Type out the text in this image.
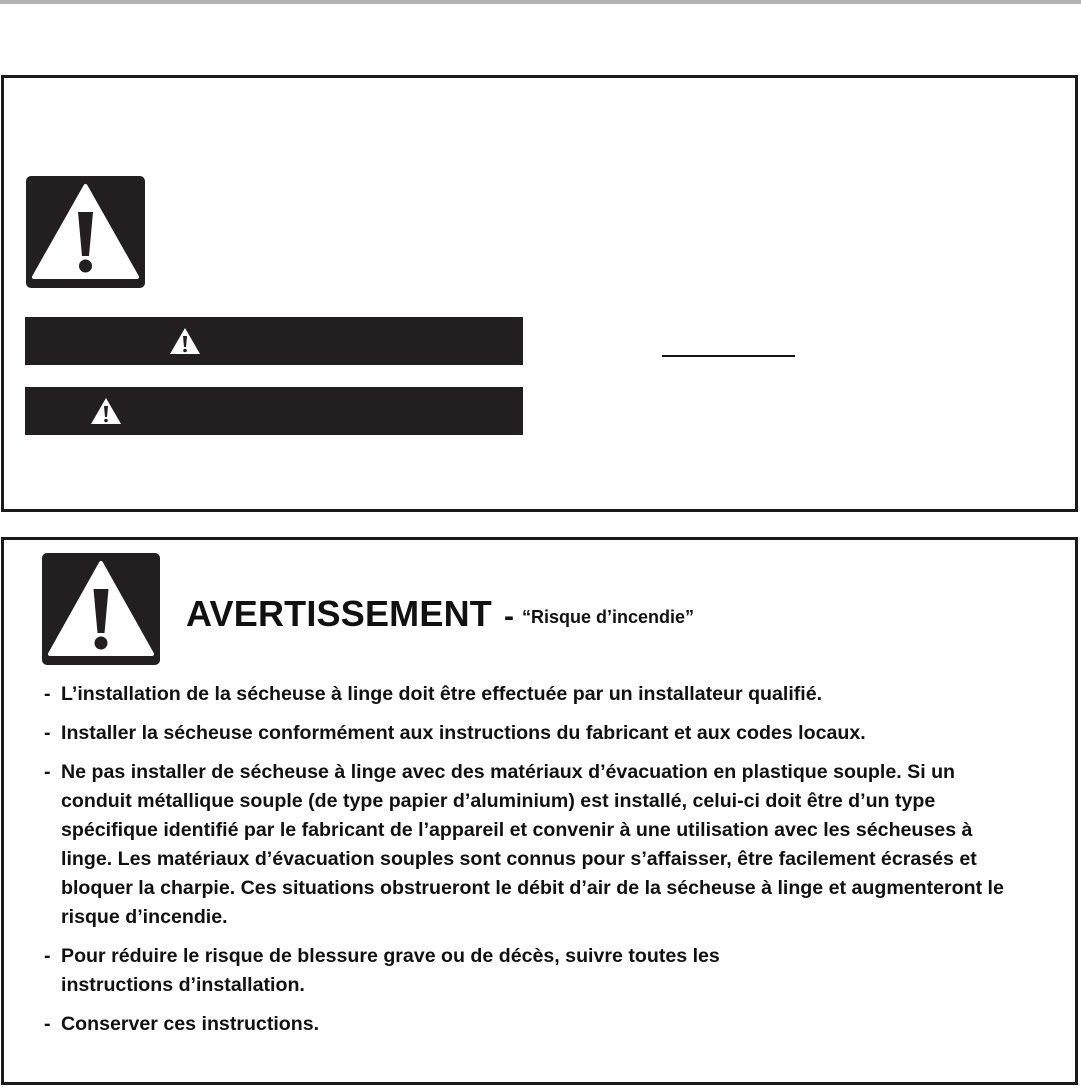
AVERTISSEMENT - “Risque d’incendie”
- L’installation de la sécheuse à linge doit être effectuée par un installateur qualifié.
- Installer la sécheuse conformément aux instructions du fabricant et aux codes locaux.
- Ne pas installer de sécheuse à linge avec des matériaux d’évacuation en plastique souple. Si un conduit métallique souple (de type papier d’aluminium) est installé, celui-ci doit être d’un type spécifique identifié par le fabricant de l’appareil et convenir à une utilisation avec les sécheuses à linge. Les matériaux d’évacuation souples sont connus pour s’affaisser, être facilement écrasés et bloquer la charpie. Ces situations obstrueront le débit d’air de la sécheuse à linge et augmenteront le risque d’incendie.
- Pour réduire le risque de blessure grave ou de décès, suivre toutes les instructions d’installation.
- Conserver ces instructions.
